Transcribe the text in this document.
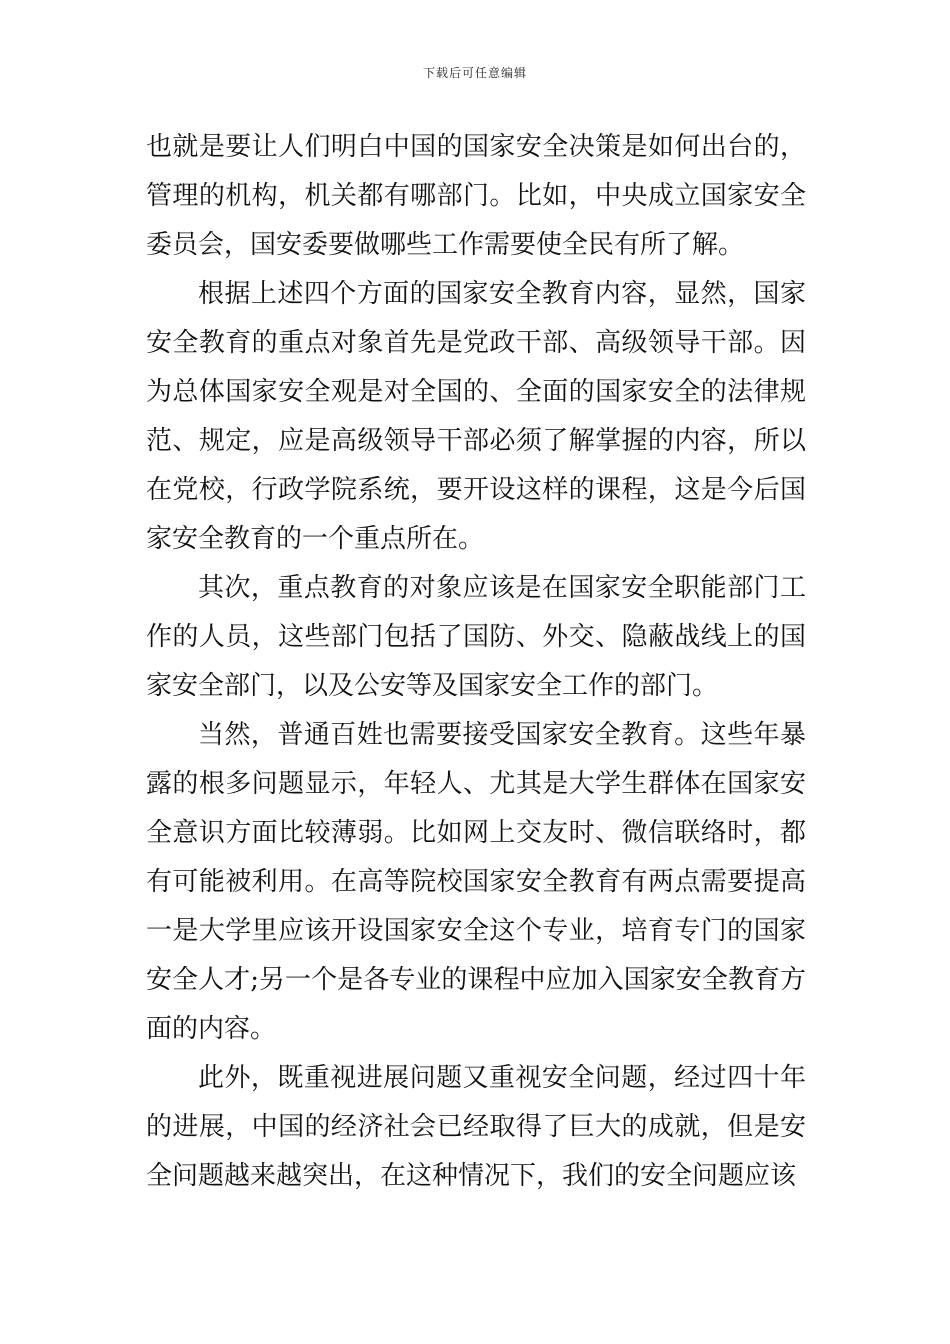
下载后可任意编辑
也就是要让人们明白中国的国家安全决策是如何出台的，
管理的机构，机关都有哪部门。比如，中央成立国家安全
委员会，国安委要做哪些工作需要使全民有所了解。
根据上述四个方面的国家安全教育内容，显然，国家
安全教育的重点对象首先是党政干部、高级领导干部。因
为总体国家安全观是对全国的、全面的国家安全的法律规
范、规定，应是高级领导干部必须了解掌握的内容，所以
在党校，行政学院系统，要开设这样的课程，这是今后国
家安全教育的一个重点所在。
其次，重点教育的对象应该是在国家安全职能部门工
作的人员，这些部门包括了国防、外交、隐蔽战线上的国
家安全部门，以及公安等及国家安全工作的部门。
当然，普通百姓也需要接受国家安全教育。这些年暴
露的根多问题显示，年轻人、尤其是大学生群体在国家安
全意识方面比较薄弱。比如网上交友时、微信联络时，都
有可能被利用。在高等院校国家安全教育有两点需要提高
一是大学里应该开设国家安全这个专业，培育专门的国家
安全人才;另一个是各专业的课程中应加入国家安全教育方
面的内容。
此外，既重视进展问题又重视安全问题，经过四十年
的进展，中国的经济社会已经取得了巨大的成就，但是安
全问题越来越突出，在这种情况下，我们的安全问题应该
